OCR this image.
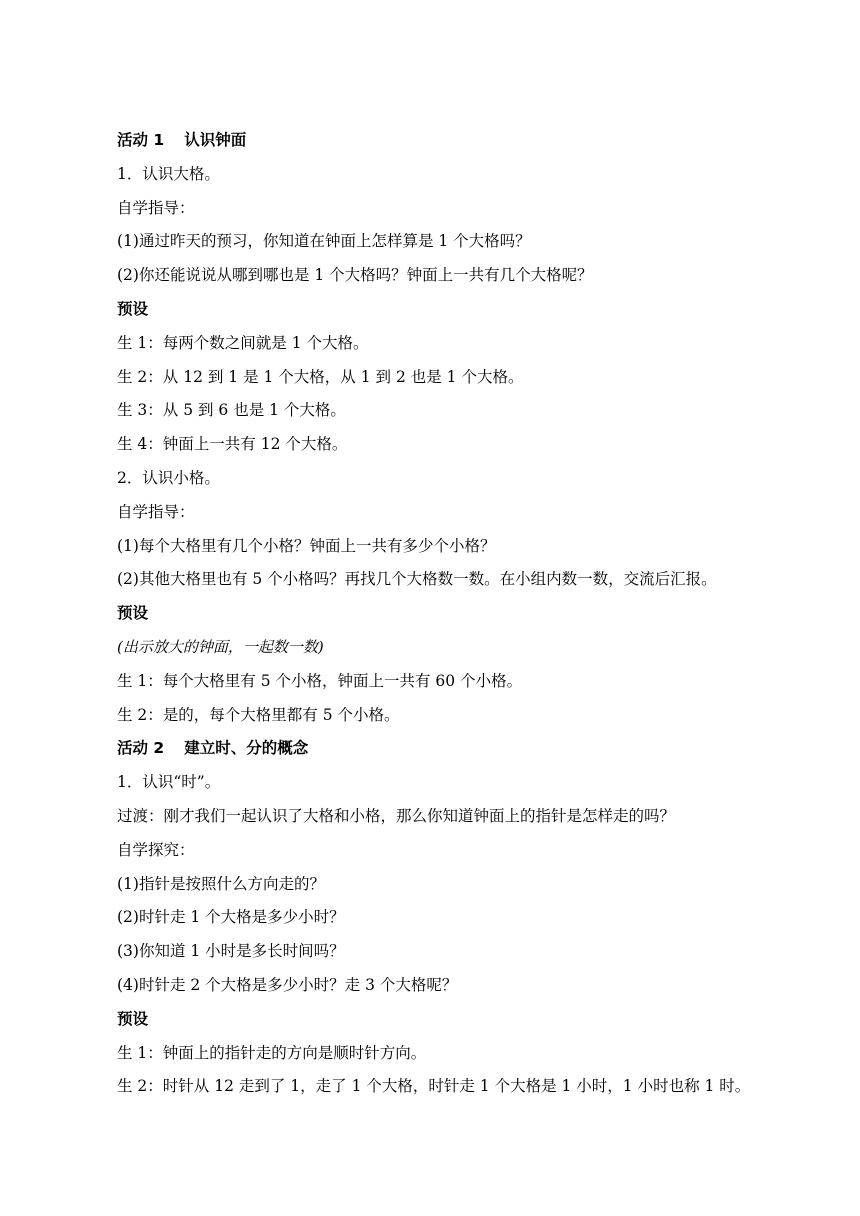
活动 1 认识钟面
1．认识大格。
自学指导：
(1)通过昨天的预习，你知道在钟面上怎样算是 1 个大格吗？
(2)你还能说说从哪到哪也是 1 个大格吗？钟面上一共有几个大格呢？
预设
生 1：每两个数之间就是 1 个大格。
生 2：从 12 到 1 是 1 个大格，从 1 到 2 也是 1 个大格。
生 3：从 5 到 6 也是 1 个大格。
生 4：钟面上一共有 12 个大格。
2．认识小格。
自学指导：
(1)每个大格里有几个小格？钟面上一共有多少个小格？
(2)其他大格里也有 5 个小格吗？再找几个大格数一数。在小组内数一数，交流后汇报。
预设
(出示放大的钟面，一起数一数)
生 1：每个大格里有 5 个小格，钟面上一共有 60 个小格。
生 2：是的，每个大格里都有 5 个小格。
活动 2 建立时、分的概念
1．认识“时”。
过渡：刚才我们一起认识了大格和小格，那么你知道钟面上的指针是怎样走的吗？
自学探究：
(1)指针是按照什么方向走的？
(2)时针走 1 个大格是多少小时？
(3)你知道 1 小时是多长时间吗？
(4)时针走 2 个大格是多少小时？走 3 个大格呢？
预设
生 1：钟面上的指针走的方向是顺时针方向。
生 2：时针从 12 走到了 1，走了 1 个大格，时针走 1 个大格是 1 小时，1 小时也称 1 时。
